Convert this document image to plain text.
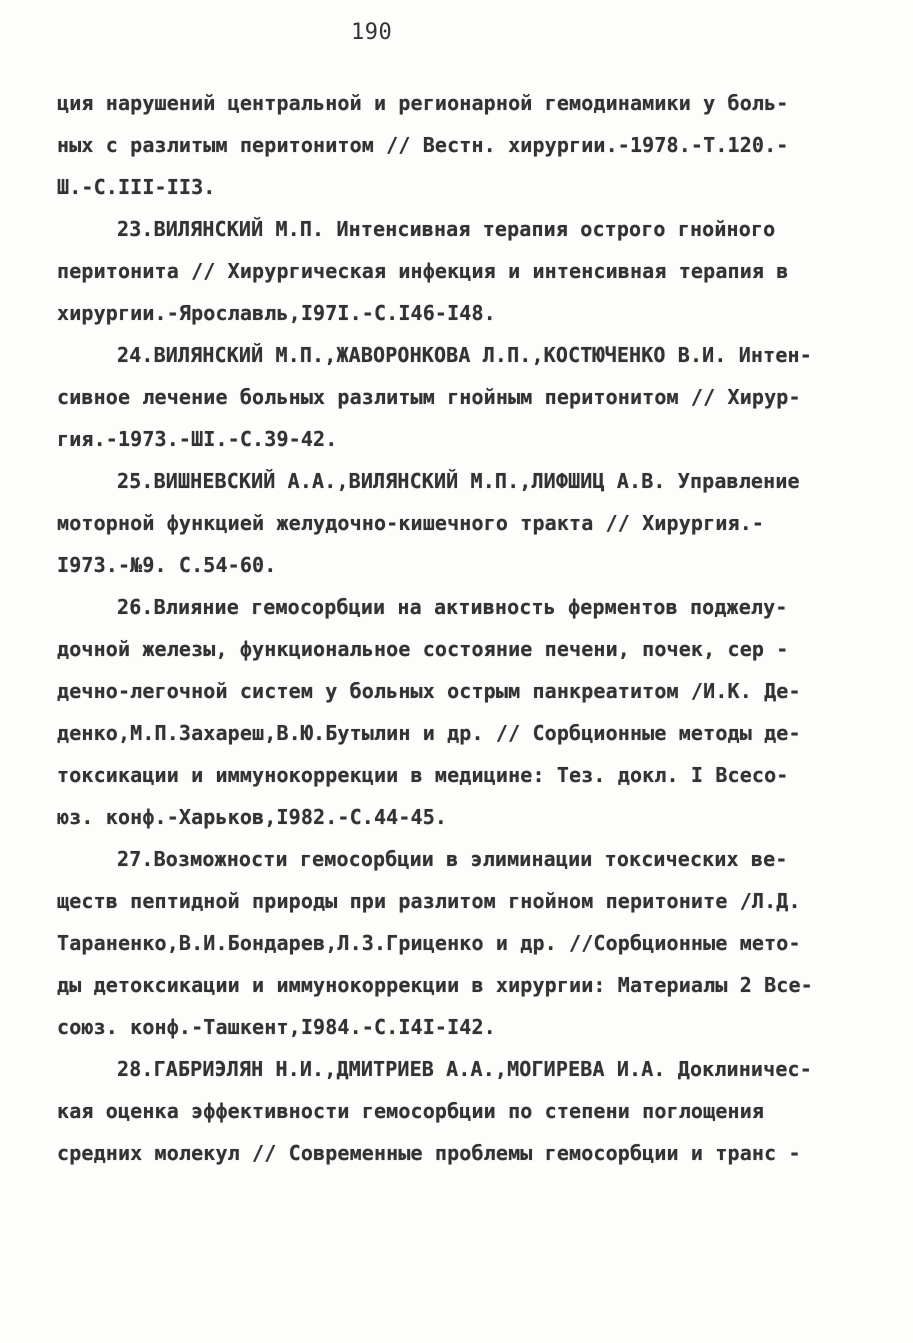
190
ция нарушений центральной и регионарной гемодинамики у боль-
ных с разлитым перитонитом // Вестн. хирургии.-1978.-Т.120.-
Ш.-С.III-II3.
23.ВИЛЯНСКИЙ М.П. Интенсивная терапия острого гнойного
перитонита // Хирургическая инфекция и интенсивная терапия в
хирургии.-Ярославль,I97I.-С.I46-I48.
24.ВИЛЯНСКИЙ М.П.,ЖАВОРОНКОВА Л.П.,КОСТЮЧЕНКО В.И. Интен-
сивное лечение больных разлитым гнойным перитонитом // Хирур-
гия.-1973.-ШI.-С.39-42.
25.ВИШНЕВСКИЙ А.А.,ВИЛЯНСКИЙ М.П.,ЛИФШИЦ А.В. Управление
моторной функцией желудочно-кишечного тракта // Хирургия.-
I973.-№9. С.54-60.
26.Влияние гемосорбции на активность ферментов поджелу-
дочной железы, функциональное состояние печени, почек, сер -
дечно-легочной систем у больных острым панкреатитом /И.К. Де-
денко,М.П.Захареш,В.Ю.Бутылин и др. // Сорбционные методы де-
токсикации и иммунокоррекции в медицине: Тез. докл. I Всесо-
юз. конф.-Харьков,I982.-С.44-45.
27.Возможности гемосорбции в элиминации токсических ве-
ществ пептидной природы при разлитом гнойном перитоните /Л.Д.
Тараненко,В.И.Бондарев,Л.З.Гриценко и др. //Сорбционные мето-
ды детоксикации и иммунокоррекции в хирургии: Материалы 2 Все-
союз. конф.-Ташкент,I984.-С.I4I-I42.
28.ГАБРИЭЛЯН Н.И.,ДМИТРИЕВ А.А.,МОГИРЕВА И.А. Доклиничес-
кая оценка эффективности гемосорбции по степени поглощения
средних молекул // Современные проблемы гемосорбции и транс -
